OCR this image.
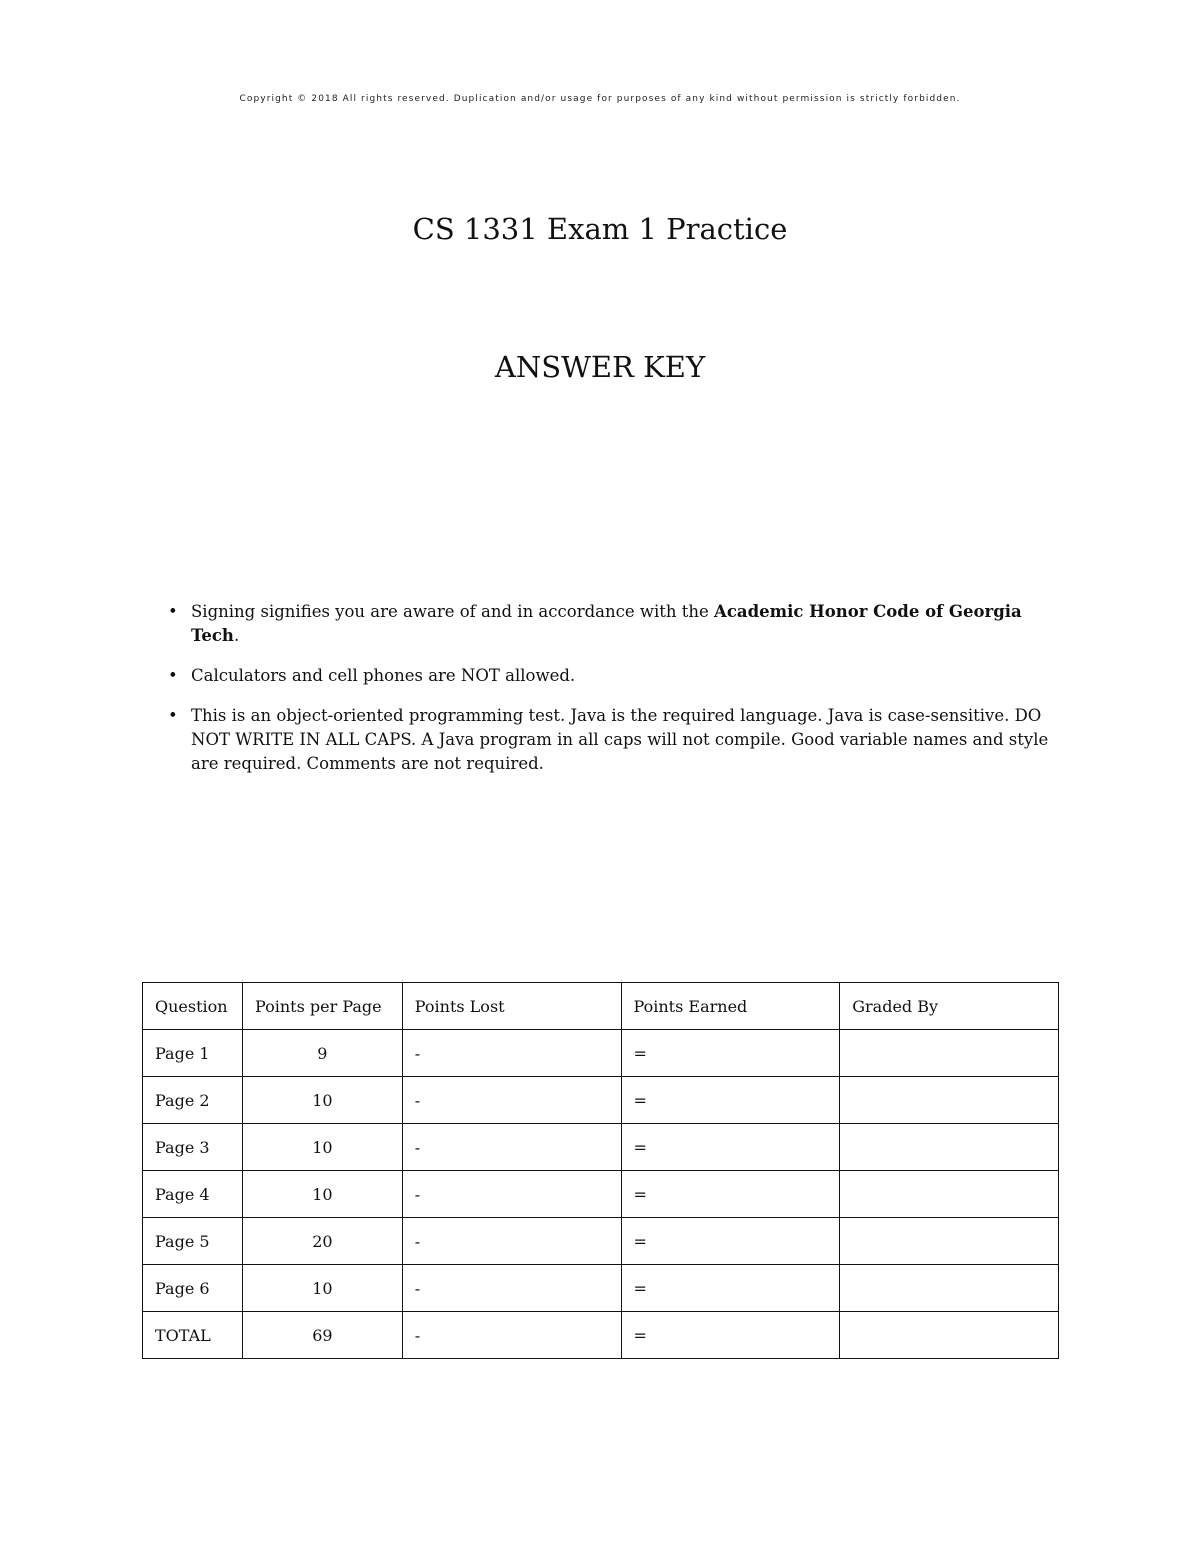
Copyright © 2018 All rights reserved. Duplication and/or usage for purposes of any kind without permission is strictly forbidden.
CS 1331 Exam 1 Practice
ANSWER KEY
• Signing signifies you are aware of and in accordance with the Academic Honor Code of Georgia Tech.
• Calculators and cell phones are NOT allowed.
• This is an object-oriented programming test. Java is the required language. Java is case-sensitive. DO NOT WRITE IN ALL CAPS. A Java program in all caps will not compile. Good variable names and style are required. Comments are not required.
Question	Points per Page	Points Lost	Points Earned	Graded By
Page 1	9	-	=	
Page 2	10	-	=	
Page 3	10	-	=	
Page 4	10	-	=	
Page 5	20	-	=	
Page 6	10	-	=	
TOTAL	69	-	=	
